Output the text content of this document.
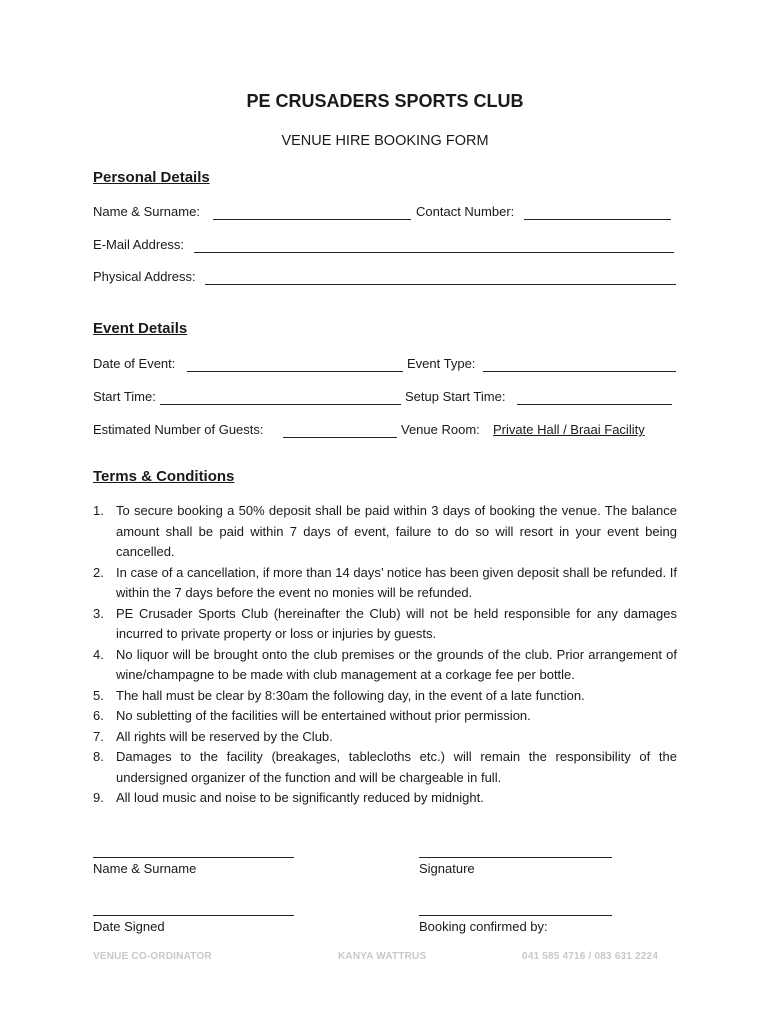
PE CRUSADERS SPORTS CLUB
VENUE HIRE BOOKING FORM
Personal Details
Name & Surname:	Contact Number:
E-Mail Address:
Physical Address:
Event Details
Date of Event:	Event Type:
Start Time:	Setup Start Time:
Estimated Number of Guests:	Venue Room: Private Hall / Braai Facility
Terms & Conditions
1. To secure booking a 50% deposit shall be paid within 3 days of booking the venue. The balance amount shall be paid within 7 days of event, failure to do so will resort in your event being cancelled.
2. In case of a cancellation, if more than 14 days’ notice has been given deposit shall be refunded. If within the 7 days before the event no monies will be refunded.
3. PE Crusader Sports Club (hereinafter the Club) will not be held responsible for any damages incurred to private property or loss or injuries by guests.
4. No liquor will be brought onto the club premises or the grounds of the club. Prior arrangement of wine/champagne to be made with club management at a corkage fee per bottle.
5. The hall must be clear by 8:30am the following day, in the event of a late function.
6. No subletting of the facilities will be entertained without prior permission.
7. All rights will be reserved by the Club.
8. Damages to the facility (breakages, tablecloths etc.) will remain the responsibility of the undersigned organizer of the function and will be chargeable in full.
9. All loud music and noise to be significantly reduced by midnight.
Name & Surname	Signature
Date Signed	Booking confirmed by:
VENUE CO-ORDINATOR	KANYA WATTRUS	041 585 4716 / 083 631 2224
